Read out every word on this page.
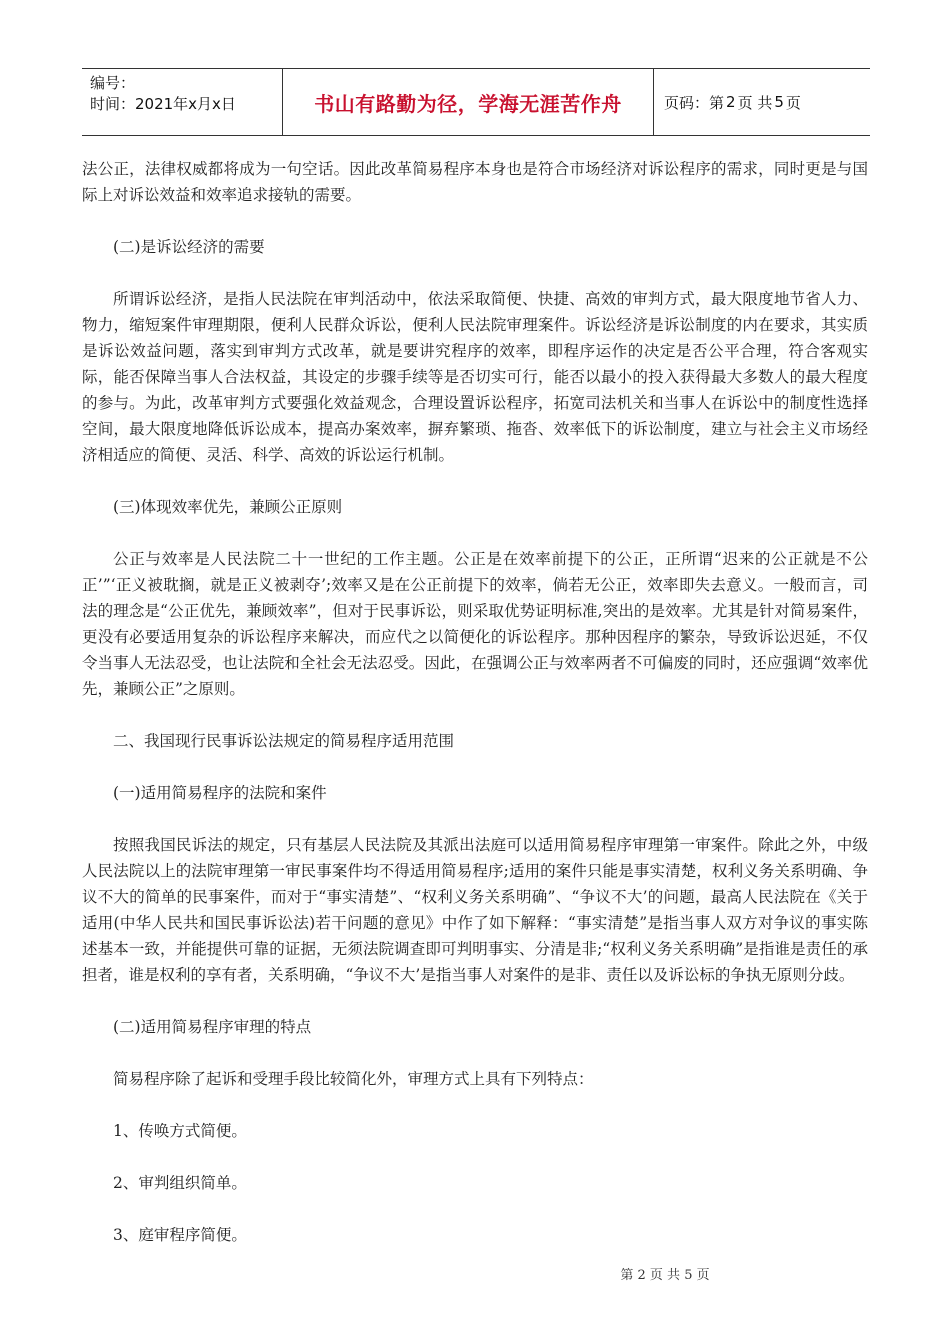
编号：
时间：2021年x月x日	书山有路勤为径，学海无涯苦作舟	页码：第 2 页 共 5 页

法公正，法律权威都将成为一句空话。因此改革简易程序本身也是符合市场经济对诉讼程序的需求，同时更是与国际上对诉讼效益和效率追求接轨的需要。

(二)是诉讼经济的需要

所谓诉讼经济，是指人民法院在审判活动中，依法采取简便、快捷、高效的审判方式，最大限度地节省人力、物力，缩短案件审理期限，便利人民群众诉讼，便利人民法院审理案件。诉讼经济是诉讼制度的内在要求，其实质是诉讼效益问题，落实到审判方式改革，就是要讲究程序的效率，即程序运作的决定是否公平合理，符合客观实际，能否保障当事人合法权益，其设定的步骤手续等是否切实可行，能否以最小的投入获得最大多数人的最大程度的参与。为此，改革审判方式要强化效益观念，合理设置诉讼程序，拓宽司法机关和当事人在诉讼中的制度性选择空间，最大限度地降低诉讼成本，提高办案效率，摒弃繁琐、拖沓、效率低下的诉讼制度，建立与社会主义市场经济相适应的简便、灵活、科学、高效的诉讼运行机制。

(三)体现效率优先，兼顾公正原则

公正与效率是人民法院二十一世纪的工作主题。公正是在效率前提下的公正，正所谓“迟来的公正就是不公正’”‘正义被耽搁，就是正义被剥夺’;效率又是在公正前提下的效率，倘若无公正，效率即失去意义。一般而言，司法的理念是“公正优先，兼顾效率”，但对于民事诉讼，则采取优势证明标准,突出的是效率。尤其是针对简易案件，更没有必要适用复杂的诉讼程序来解决，而应代之以简便化的诉讼程序。那种因程序的繁杂，导致诉讼迟延，不仅令当事人无法忍受，也让法院和全社会无法忍受。因此，在强调公正与效率两者不可偏废的同时，还应强调“效率优先，兼顾公正”之原则。

二、我国现行民事诉讼法规定的简易程序适用范围

(一)适用简易程序的法院和案件

按照我国民诉法的规定，只有基层人民法院及其派出法庭可以适用简易程序审理第一审案件。除此之外，中级人民法院以上的法院审理第一审民事案件均不得适用简易程序;适用的案件只能是事实清楚，权利义务关系明确、争议不大的简单的民事案件，而对于“事实清楚”、“权利义务关系明确”、“争议不大’的问题，最高人民法院在《关于适用(中华人民共和国民事诉讼法)若干问题的意见》中作了如下解释：“事实清楚”是指当事人双方对争议的事实陈述基本一致，并能提供可靠的证据，无须法院调查即可判明事实、分清是非;“权利义务关系明确”是指谁是责任的承担者，谁是权利的享有者，关系明确，“争议不大’是指当事人对案件的是非、责任以及诉讼标的争执无原则分歧。

(二)适用简易程序审理的特点

简易程序除了起诉和受理手段比较简化外，审理方式上具有下列特点：

1、传唤方式简便。

2、审判组织简单。

3、庭审程序简便。

第 2 页 共 5 页
